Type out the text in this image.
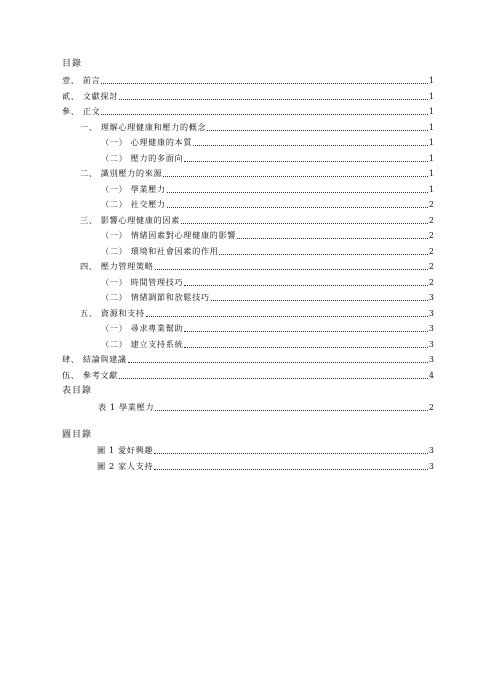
目錄
壹、 前言	1
貳、 文獻探討	1
參、 正文	1
一、 理解心理健康和壓力的概念	1
（一） 心理健康的本質	1
（二） 壓力的多面向	1
二、 識別壓力的來源	1
（一） 學業壓力	1
（二） 社交壓力	2
三、 影響心理健康的因素	2
（一） 情緒因素對心理健康的影響	2
（二） 環境和社會因素的作用	2
四、 壓力管理策略	2
（一） 時間管理技巧	2
（二） 情緒調節和放鬆技巧	3
五、 資源和支持	3
（一） 尋求專業幫助	3
（二） 建立支持系統	3
肆、 結論與建議	3
伍、 參考文獻	4
表目錄
表 1 學業壓力	2
圖目錄
圖 1 愛好興趣	3
圖 2 家人支持	3
